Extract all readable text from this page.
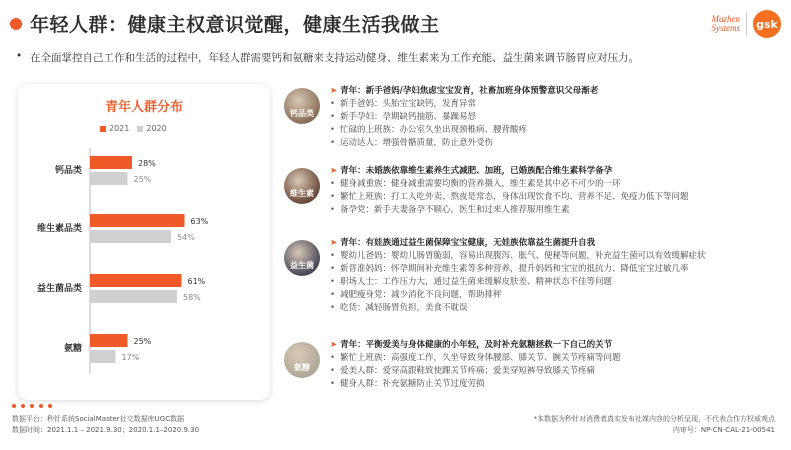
年轻人群：健康主权意识觉醒，健康生活我做主	Mazhen
Systems gsk
• 在全面掌控自己工作和生活的过程中，年轻人群需要钙和氨糖来支持运动健身、维生素来为工作充能、益生菌来调节肠胃应对压力。
青年人群分布
2021 2020
钙品类
28%
25%
维生素品类
63%
54%
益生菌品类
61%
58%
氨糖
25%
17%
钙品类
➤ 青年：新手爸妈/孕妇焦虑宝宝发育，社畜加班身体预警意识父母渐老
• 新手爸妈：头胎宝宝缺钙，发育异常
• 新手孕妇：孕期缺钙抽筋、暴躁易怒
• 忙碌的上班族：办公室久坐出现颈椎病、腰背酸疼
• 运动达人：增强骨骼质量，防止意外受伤
维生素
➤ 青年：未婚族依靠维生素养生式减肥、加班，已婚族配合维生素科学备孕
• 健身减重族：健身减重需要均衡的营养摄入，维生素是其中必不可少的一环
• 繁忙上班族：打工人吃外卖、熬夜是常态，身体出现饮食不均、营养不足、免疫力低下等问题
• 备孕党：新手夫妻备孕不顺心，医生和过来人推荐服用维生素
益生菌
➤ 青年：有娃族通过益生菌保障宝宝健康，无娃族依靠益生菌提升自我
• 婴幼儿爸妈：婴幼儿肠胃脆弱，容易出现腹泻、胀气、便秘等问题，补充益生菌可以有效缓解症状
• 新晋准妈妈：怀孕期间补充维生素等多种营养，提升妈妈和宝宝的抵抗力、降低宝宝过敏几率
• 职场人士：工作压力大，通过益生菌来缓解皮肤差、精神状态不佳等问题
• 减肥瘦身党：减少消化不良问题，帮助排秤
• 吃货：减轻肠胃负担，美食不耽误
氨糖
➤ 青年：平衡爱美与身体健康的小年轻，及时补充氨糖拯救一下自己的关节
• 繁忙上班族：高强度工作，久坐导致身体腰部、膝关节、腕关节疼痛等问题
• 爱美人群：爱穿高跟鞋致使踝关节疼痛；爱美穿短裤导致膝关节疼痛
• 健身人群：补充氨糖防止关节过度劳损
数据平台：秒针系统SocialMaster社交数据库UGC数据
数据时间：2021.1.1 – 2021.9.30；2020.1.1–2020.9.30
*本数据为秒针对消费者真实发布社媒内容的分析呈现，不代表合作方权威观点
内审号：NP-CN-CAL-21-00541
